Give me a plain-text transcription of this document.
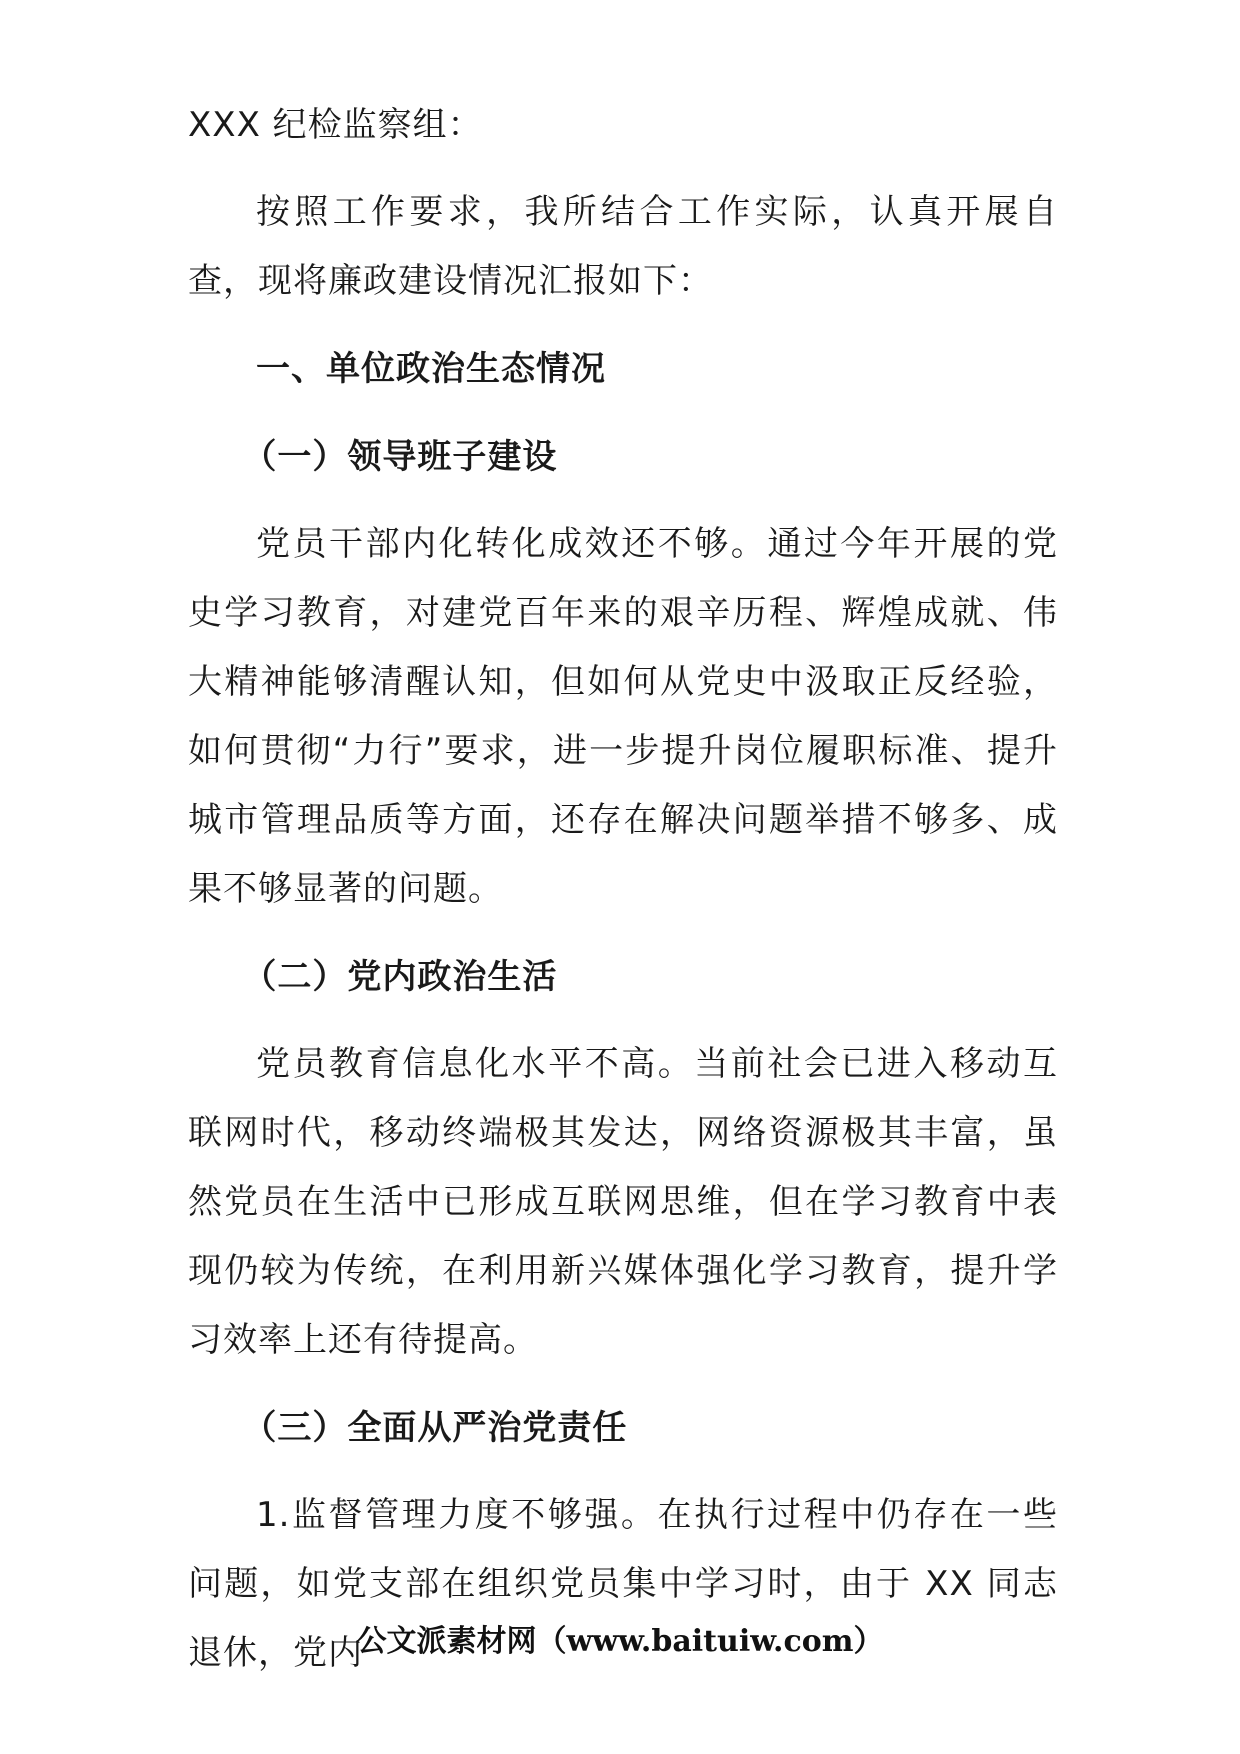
XXX 纪检监察组：

按照工作要求，我所结合工作实际，认真开展自查，现将廉政建设情况汇报如下：

一、单位政治生态情况

（一）领导班子建设

党员干部内化转化成效还不够。通过今年开展的党史学习教育，对建党百年来的艰辛历程、辉煌成就、伟大精神能够清醒认知，但如何从党史中汲取正反经验，如何贯彻“力行”要求，进一步提升岗位履职标准、提升城市管理品质等方面，还存在解决问题举措不够多、成果不够显著的问题。

（二）党内政治生活

党员教育信息化水平不高。当前社会已进入移动互联网时代，移动终端极其发达，网络资源极其丰富，虽然党员在生活中已形成互联网思维，但在学习教育中表现仍较为传统，在利用新兴媒体强化学习教育，提升学习效率上还有待提高。

（三）全面从严治党责任

1.监督管理力度不够强。在执行过程中仍存在一些问题，如党支部在组织党员集中学习时，由于 XX 同志退休，党内

公文派素材网（www.baituiw.com）
